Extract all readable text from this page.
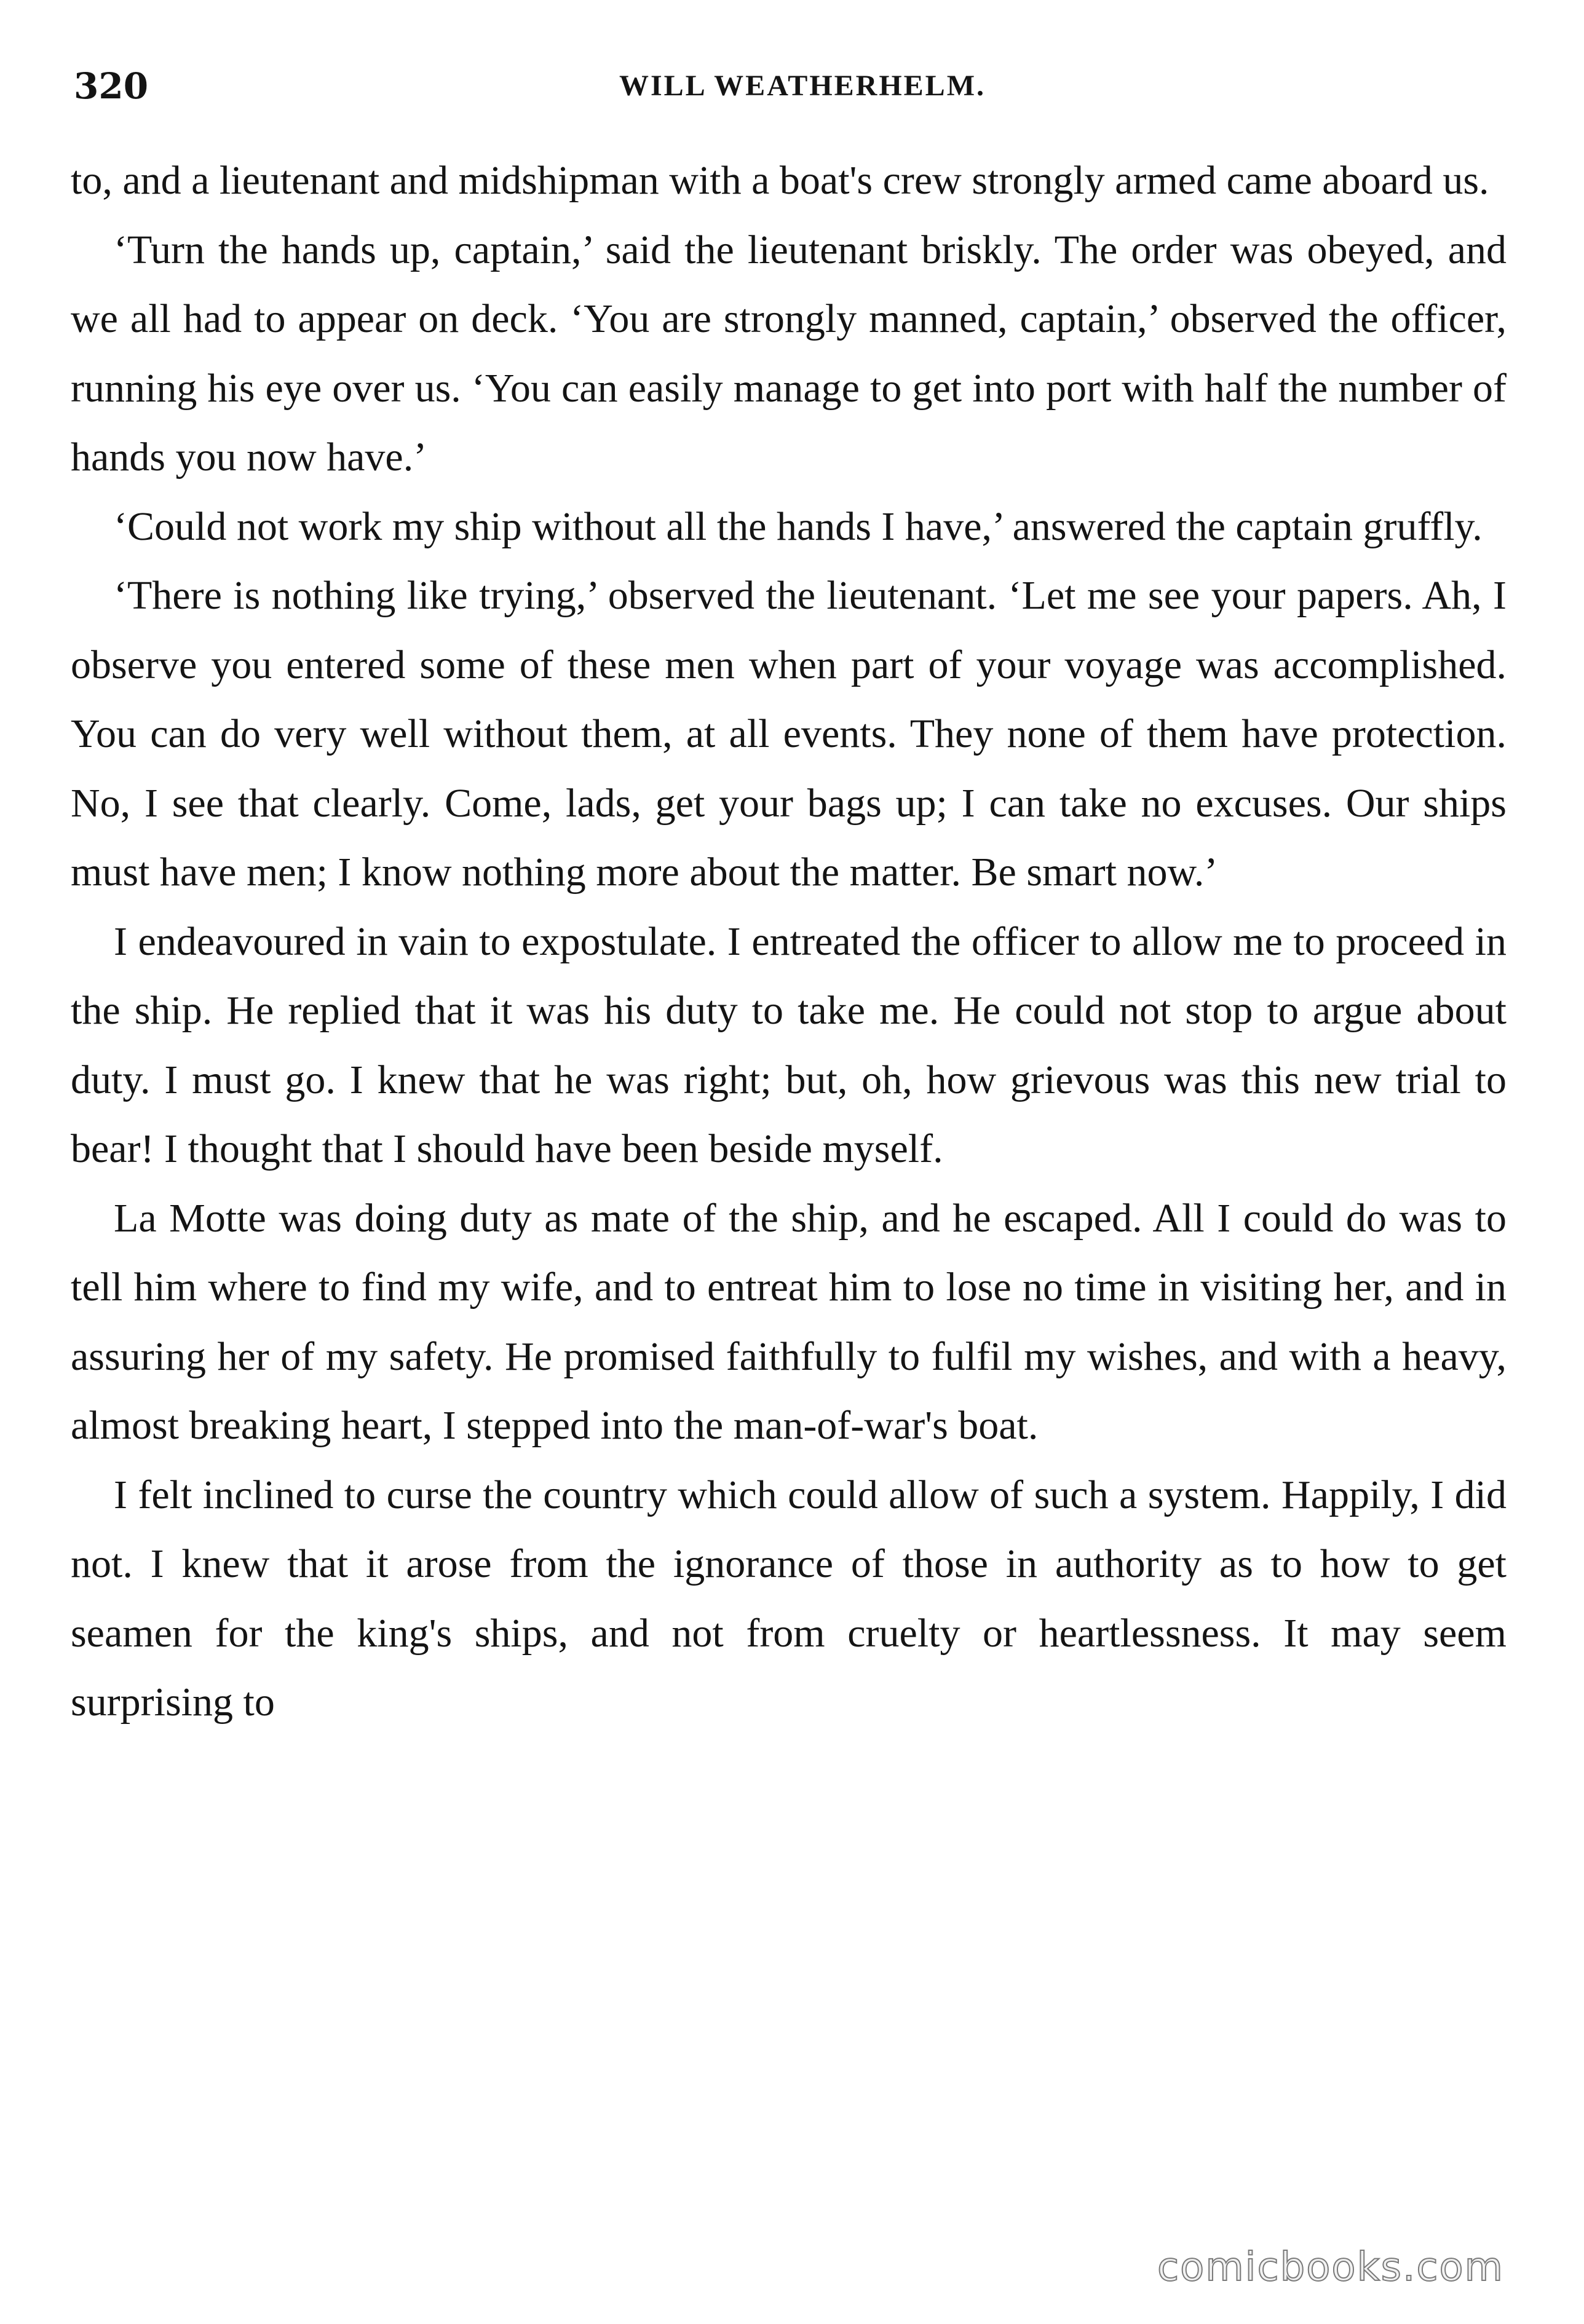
320	WILL WEATHERHELM.

to, and a lieutenant and midshipman with a boat's crew strongly armed came aboard us.

‘Turn the hands up, captain,’ said the lieutenant briskly. The order was obeyed, and we all had to appear on deck. ‘You are strongly manned, captain,’ observed the officer, running his eye over us. ‘You can easily manage to get into port with half the number of hands you now have.’

‘Could not work my ship without all the hands I have,’ answered the captain gruffly.

‘There is nothing like trying,’ observed the lieutenant. ‘Let me see your papers. Ah, I observe you entered some of these men when part of your voyage was accomplished. You can do very well without them, at all events. They none of them have protection. No, I see that clearly. Come, lads, get your bags up; I can take no excuses. Our ships must have men; I know nothing more about the matter. Be smart now.’

I endeavoured in vain to expostulate. I entreated the officer to allow me to proceed in the ship. He replied that it was his duty to take me. He could not stop to argue about duty. I must go. I knew that he was right; but, oh, how grievous was this new trial to bear! I thought that I should have been beside myself.

La Motte was doing duty as mate of the ship, and he escaped. All I could do was to tell him where to find my wife, and to entreat him to lose no time in visiting her, and in assuring her of my safety. He promised faithfully to fulfil my wishes, and with a heavy, almost breaking heart, I stepped into the man-of-war's boat.

I felt inclined to curse the country which could allow of such a system. Happily, I did not. I knew that it arose from the ignorance of those in authority as to how to get seamen for the king's ships, and not from cruelty or heartlessness. It may seem surprising to

comicbooks.com
